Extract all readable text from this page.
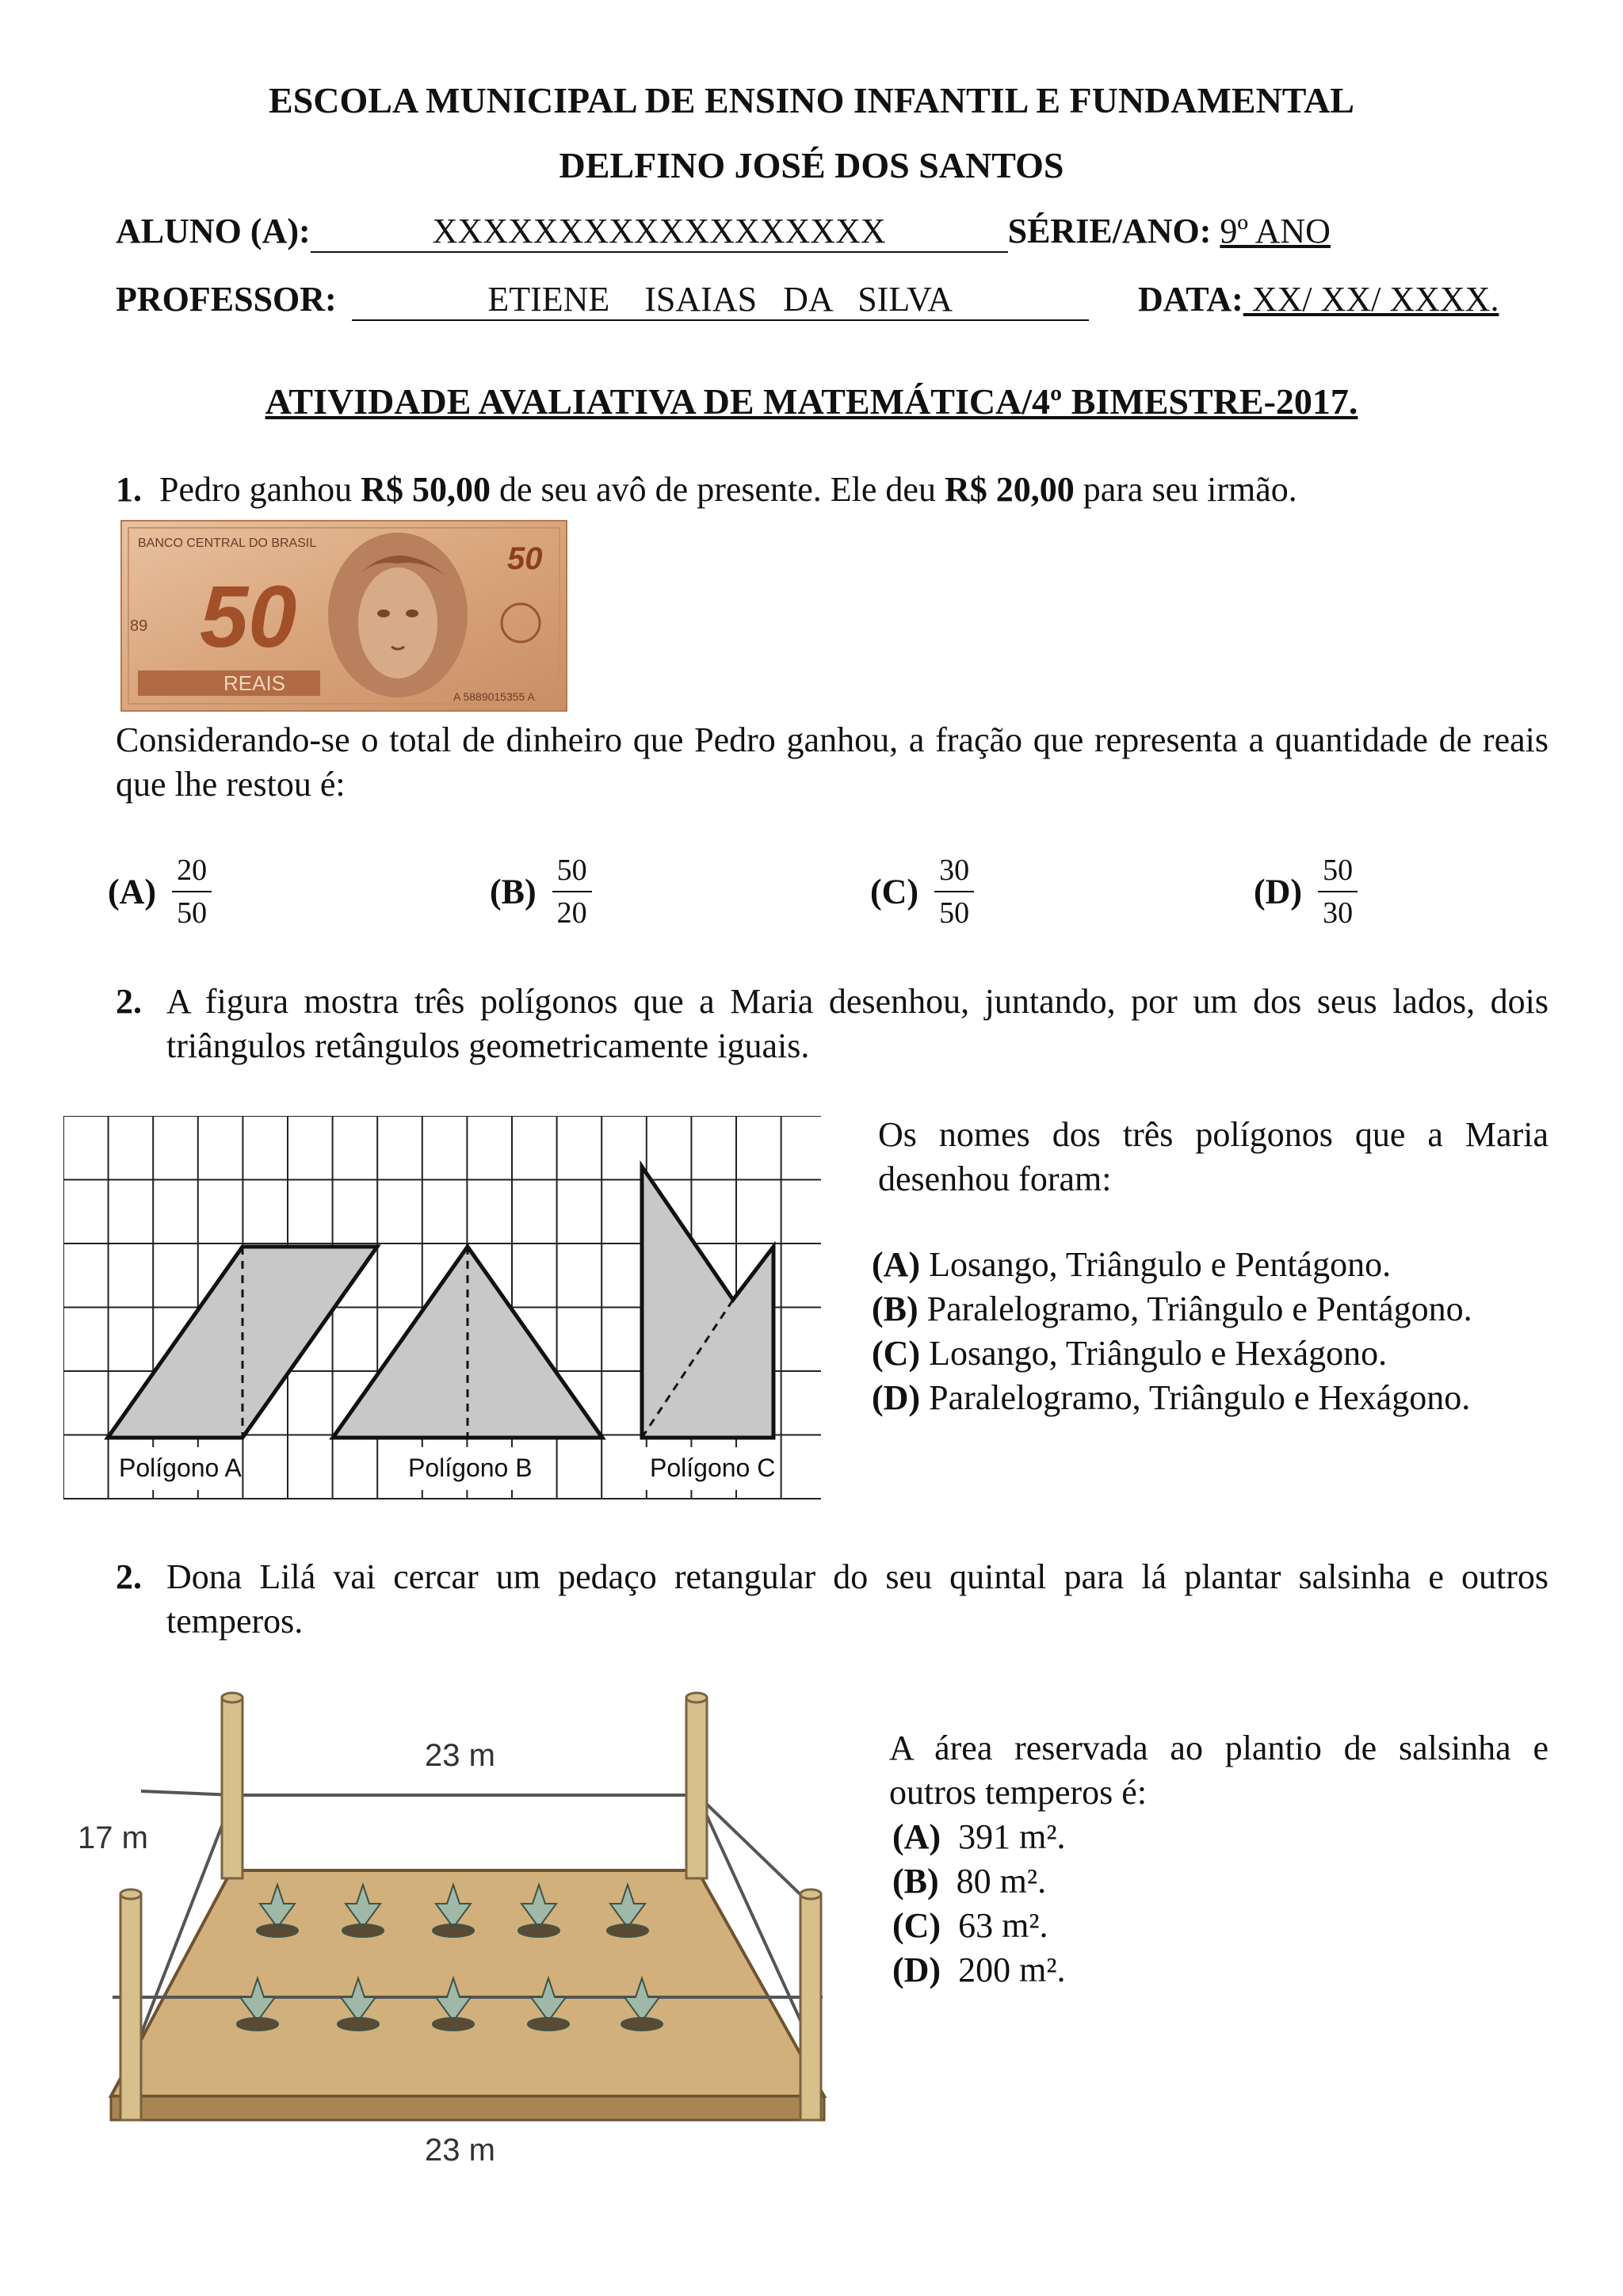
ESCOLA MUNICIPAL DE ENSINO INFANTIL E FUNDAMENTAL
DELFINO JOSÉ DOS SANTOS
ALUNO (A):	XXXXXXXXXXXXXXXXXX	SÉRIE/ANO: 9º ANO
PROFESSOR:	ETIENE    ISAIAS   DA   SILVA	DATA: XX/ XX/ XXXX.
ATIVIDADE AVALIATIVA DE MATEMÁTICA/4º BIMESTRE-2017.
1. Pedro ganhou R$ 50,00 de seu avô de presente. Ele deu R$ 20,00 para seu irmão.
BANCO CENTRAL DO BRASIL
50
50
89
REAIS
A 5889015355 A
Considerando-se o total de dinheiro que Pedro ganhou, a fração que representa a quantidade de reais que lhe restou é:
$(A) \frac{20}{50}$	$(B) \frac{50}{20}$	$(C) \frac{30}{50}$	$(D) \frac{50}{30}$
2. A figura mostra três polígonos que a Maria desenhou, juntando, por um dos seus lados, dois triângulos retângulos geometricamente iguais.
Polígono A	Polígono B	Polígono C
Os nomes dos três polígonos que a Maria desenhou foram:
(A) Losango, Triângulo e Pentágono.
(B) Paralelogramo, Triângulo e Pentágono.
(C) Losango, Triângulo e Hexágono.
(D) Paralelogramo, Triângulo e Hexágono.
2. Dona Lilá vai cercar um pedaço retangular do seu quintal para lá plantar salsinha e outros temperos.
23 m
17 m
23 m
A área reservada ao plantio de salsinha e outros temperos é:
(A) 391 m².
(B) 80 m².
(C) 63 m².
(D) 200 m².
